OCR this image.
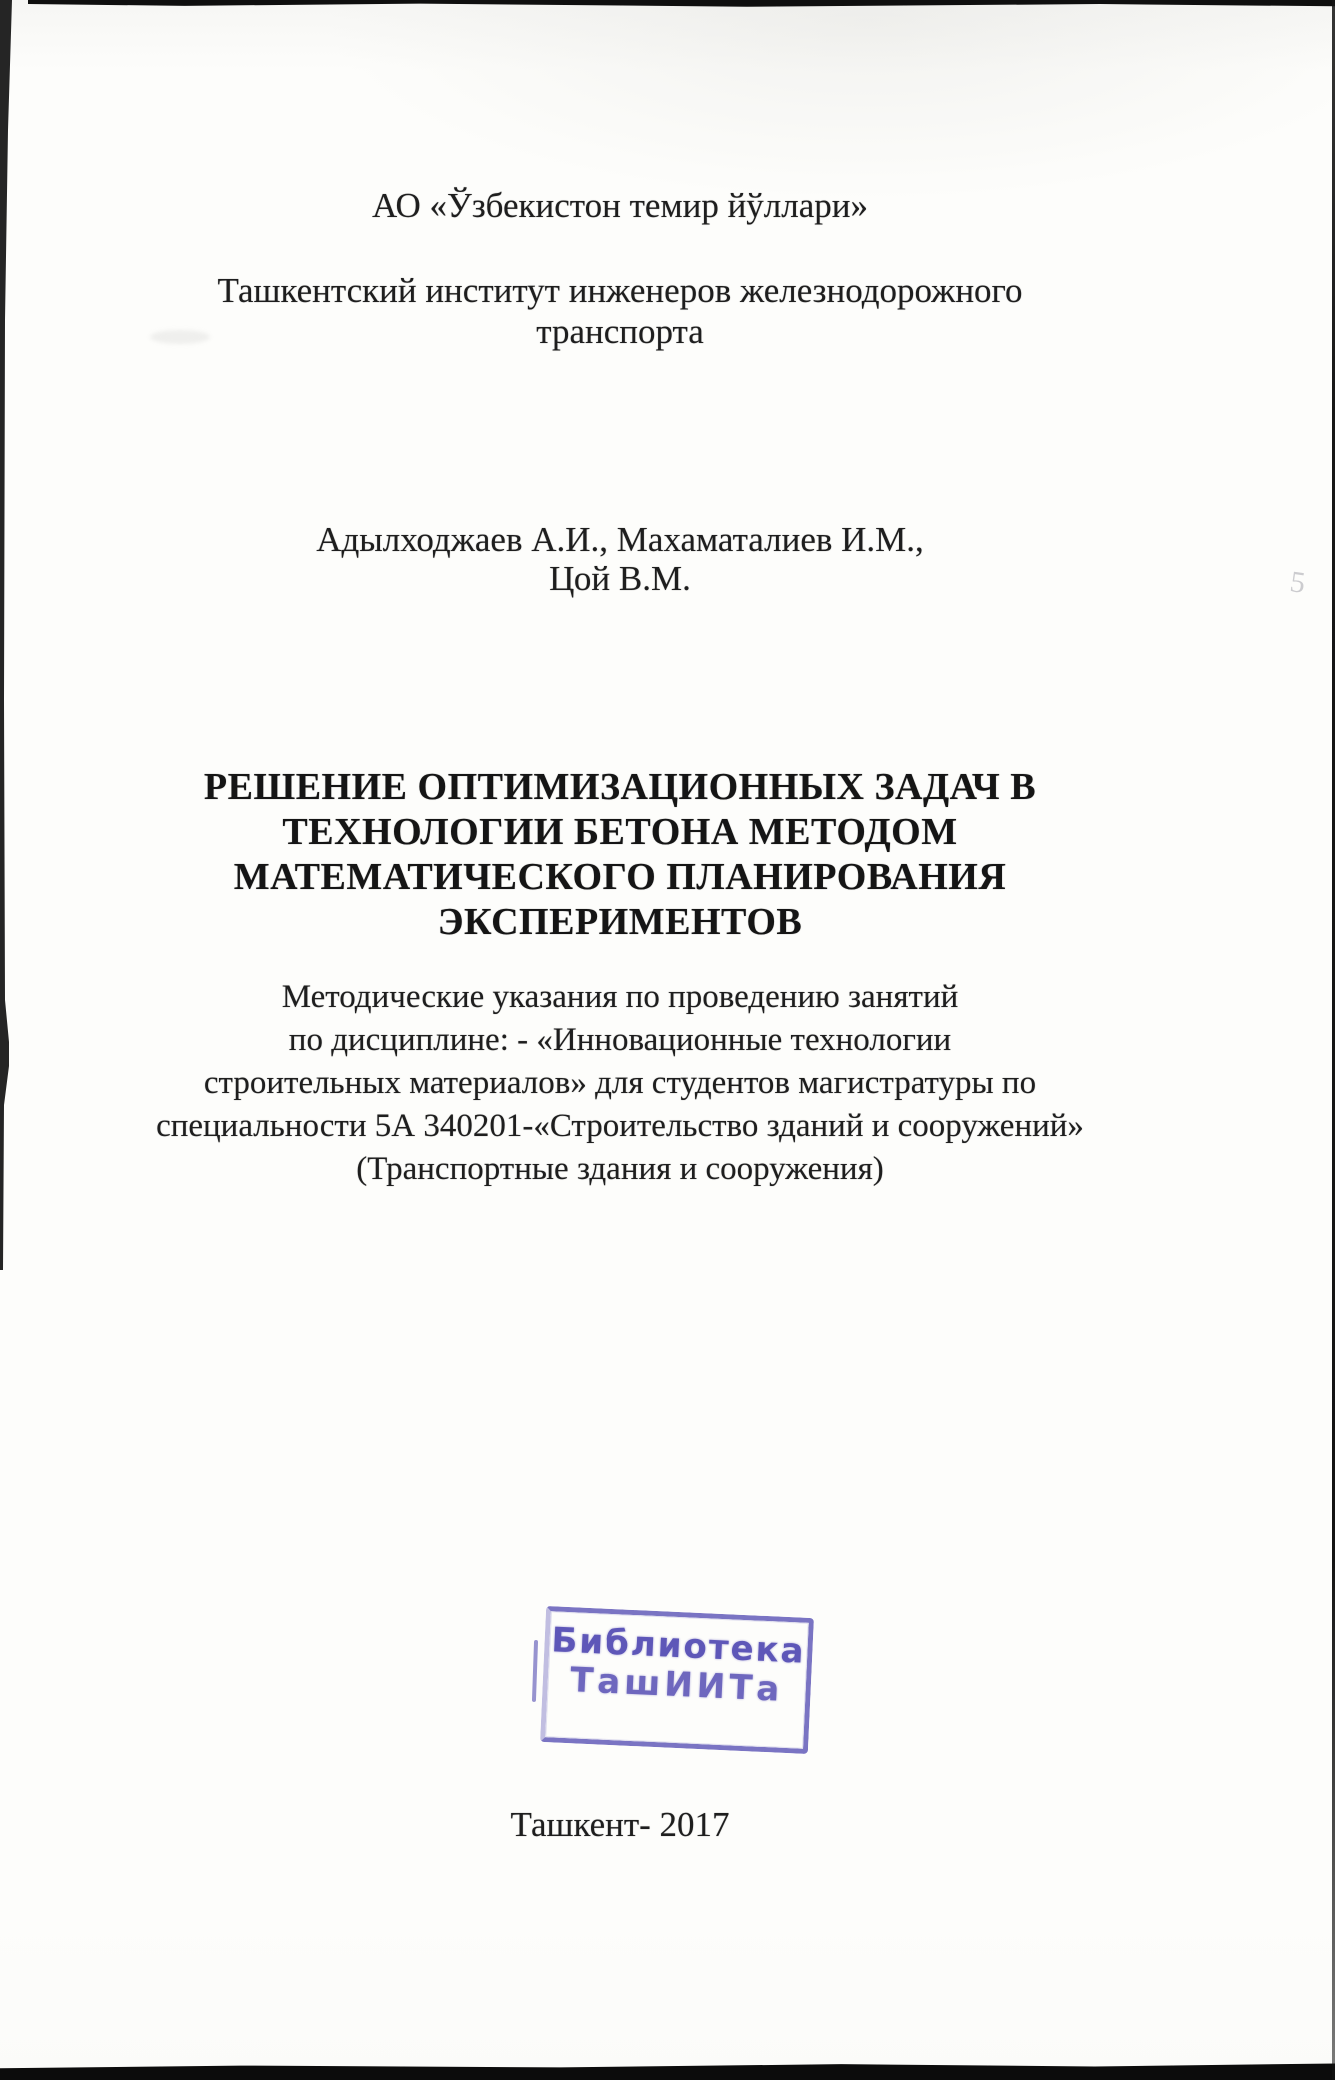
АО «Ўзбекистон темир йўллари»
Ташкентский институт инженеров железнодорожного
транспорта
Адылходжаев А.И., Махаматалиев И.М.,
Цой В.М.
РЕШЕНИЕ ОПТИМИЗАЦИОННЫХ ЗАДАЧ В
ТЕХНОЛОГИИ БЕТОНА МЕТОДОМ
МАТЕМАТИЧЕСКОГО ПЛАНИРОВАНИЯ
ЭКСПЕРИМЕНТОВ
Методические указания по проведению занятий
по дисциплине: - «Инновационные технологии
строительных материалов» для студентов магистратуры по
специальности 5А 340201-«Строительство зданий и сооружений»
(Транспортные здания и сооружения)
Библиотека
ТашИИТа
Ташкент- 2017
5
